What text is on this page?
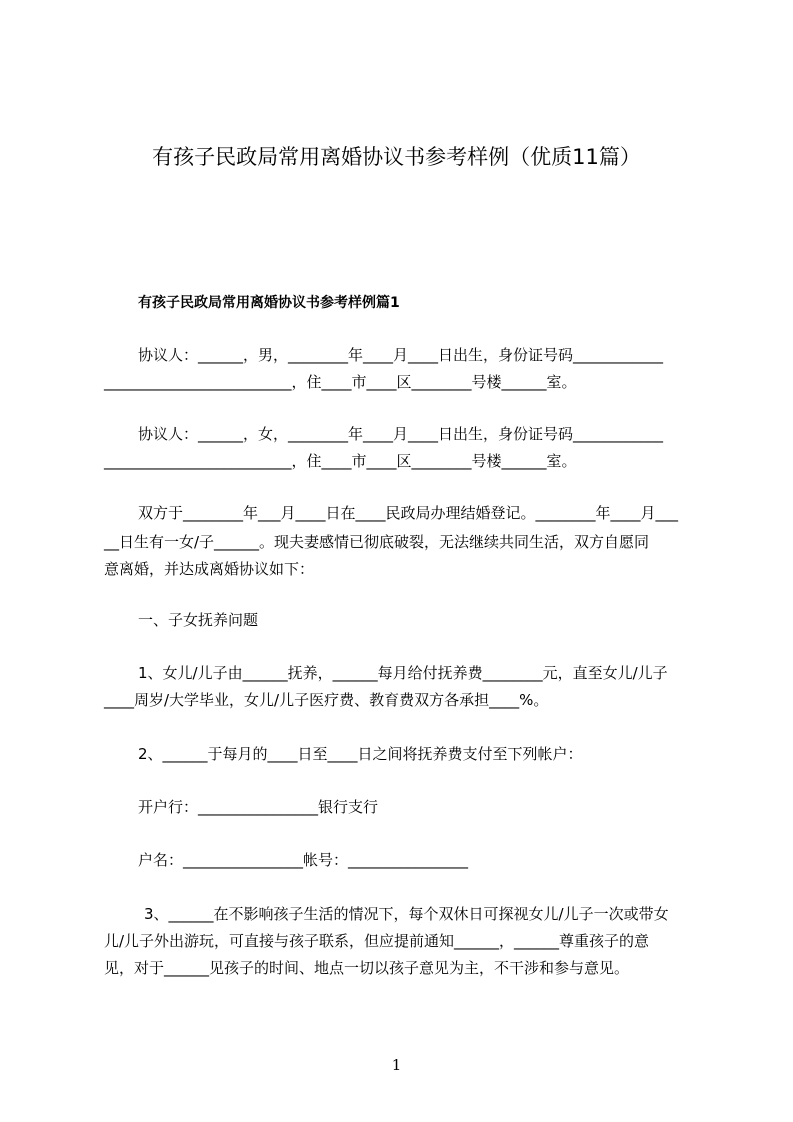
有孩子民政局常用离婚协议书参考样例（优质11篇）
有孩子民政局常用离婚协议书参考样例篇1
协议人：______，男，________年____月____日出生，身份证号码____________
_________________________，住____市____区________号楼______室。
协议人：______，女，________年____月____日出生，身份证号码____________
_________________________，住____市____区________号楼______室。
双方于________年___月____日在____民政局办理结婚登记。________年____月___
__日生有一女/子______。现夫妻感情已彻底破裂，无法继续共同生活，双方自愿同
意离婚，并达成离婚协议如下：
一、子女抚养问题
1、女儿/儿子由______抚养，______每月给付抚养费________元，直至女儿/儿子
____周岁/大学毕业，女儿/儿子医疗费、教育费双方各承担____%。
2、______于每月的____日至____日之间将抚养费支付至下列帐户：
开户行：________________银行支行
户名：________________帐号：________________
3、______在不影响孩子生活的情况下，每个双休日可探视女儿/儿子一次或带女
儿/儿子外出游玩，可直接与孩子联系，但应提前通知______，______尊重孩子的意
见，对于______见孩子的时间、地点一切以孩子意见为主，不干涉和参与意见。
1
